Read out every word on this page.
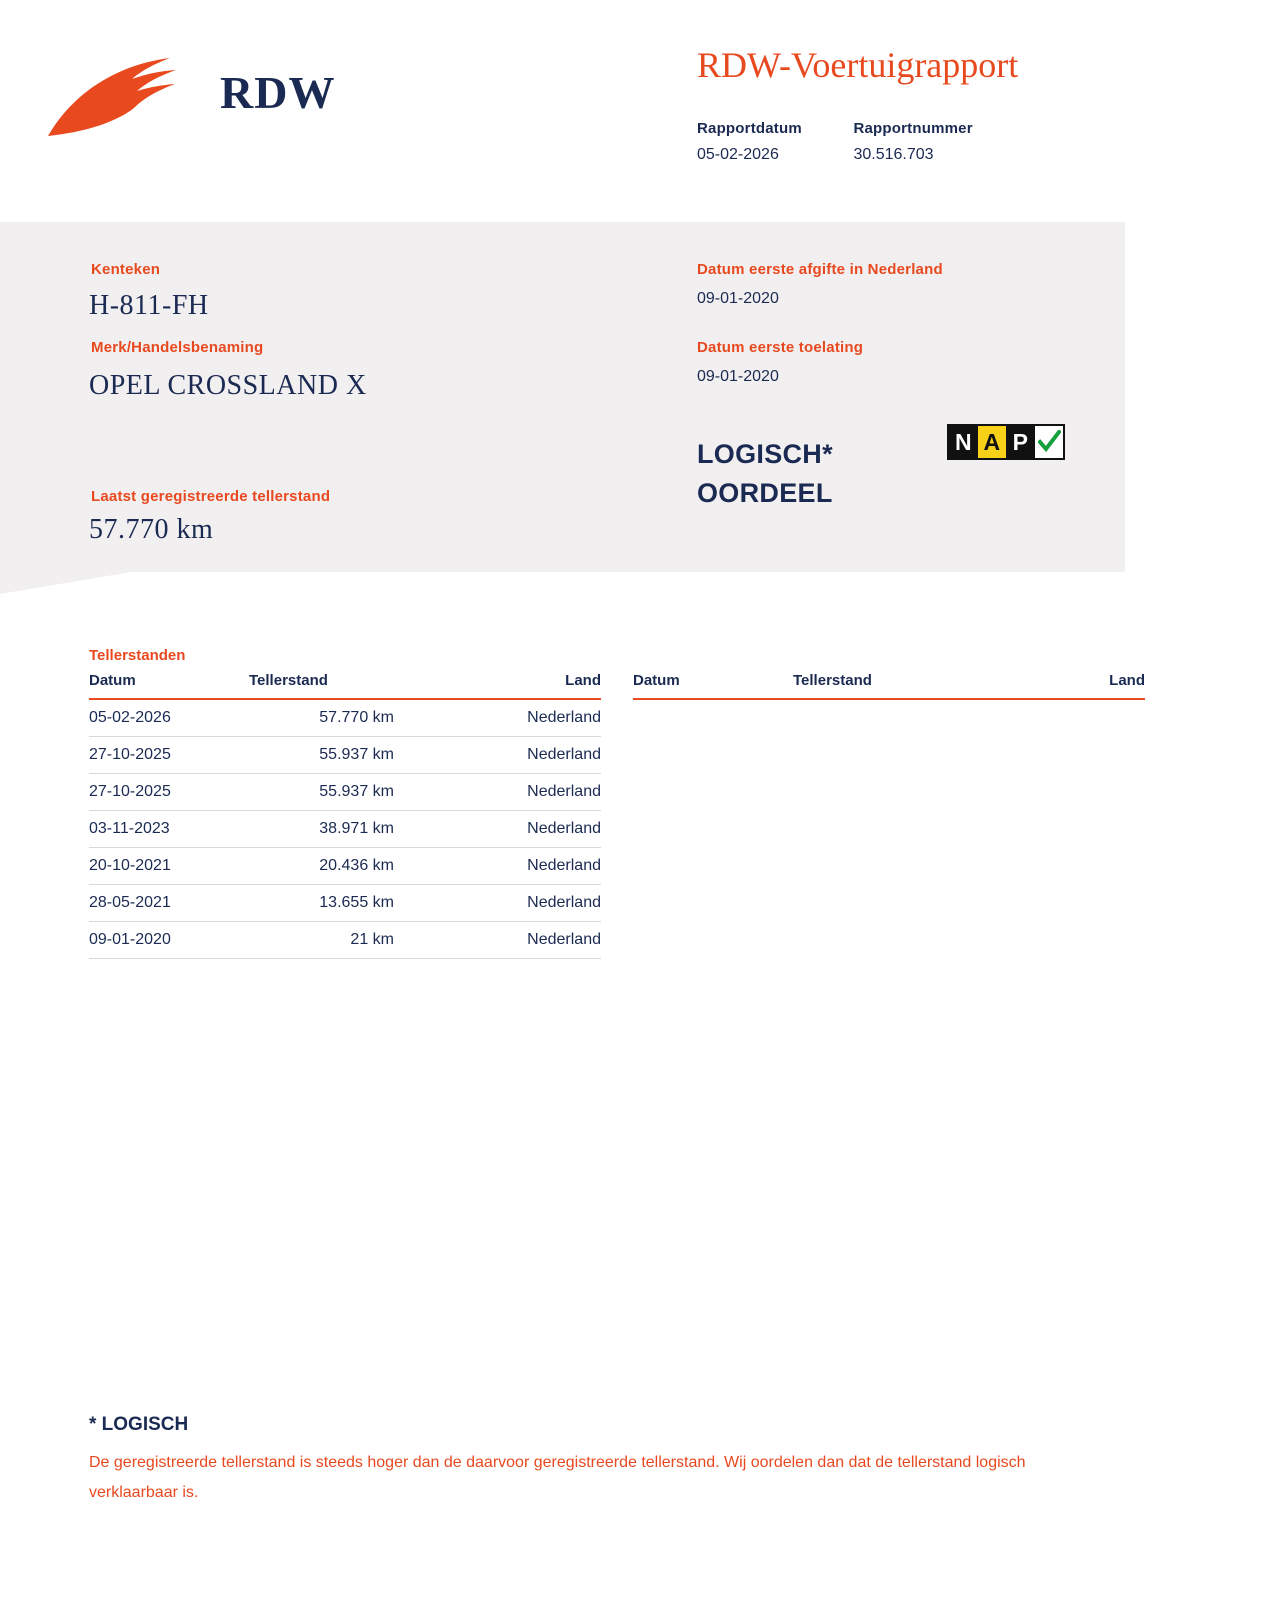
RDW
RDW-Voertuigrapport
Rapportdatum
05-02-2026

Rapportnummer
30.516.703
Kenteken
H-811-FH
Merk/Handelsbenaming
OPEL CROSSLAND X
Laatst geregistreerde tellerstand
57.770 km
Datum eerste afgifte in Nederland
09-01-2020
Datum eerste toelating
09-01-2020
LOGISCH*
OORDEEL
N A P
Tellerstanden
Datum	Tellerstand	Land
05-02-2026	57.770 km	Nederland
27-10-2025	55.937 km	Nederland
27-10-2025	55.937 km	Nederland
03-11-2023	38.971 km	Nederland
20-10-2021	20.436 km	Nederland
28-05-2021	13.655 km	Nederland
09-01-2020	21 km	Nederland
Datum	Tellerstand	Land
* LOGISCH
De geregistreerde tellerstand is steeds hoger dan de daarvoor geregistreerde tellerstand. Wij oordelen dan dat de tellerstand logisch verklaarbaar is.
